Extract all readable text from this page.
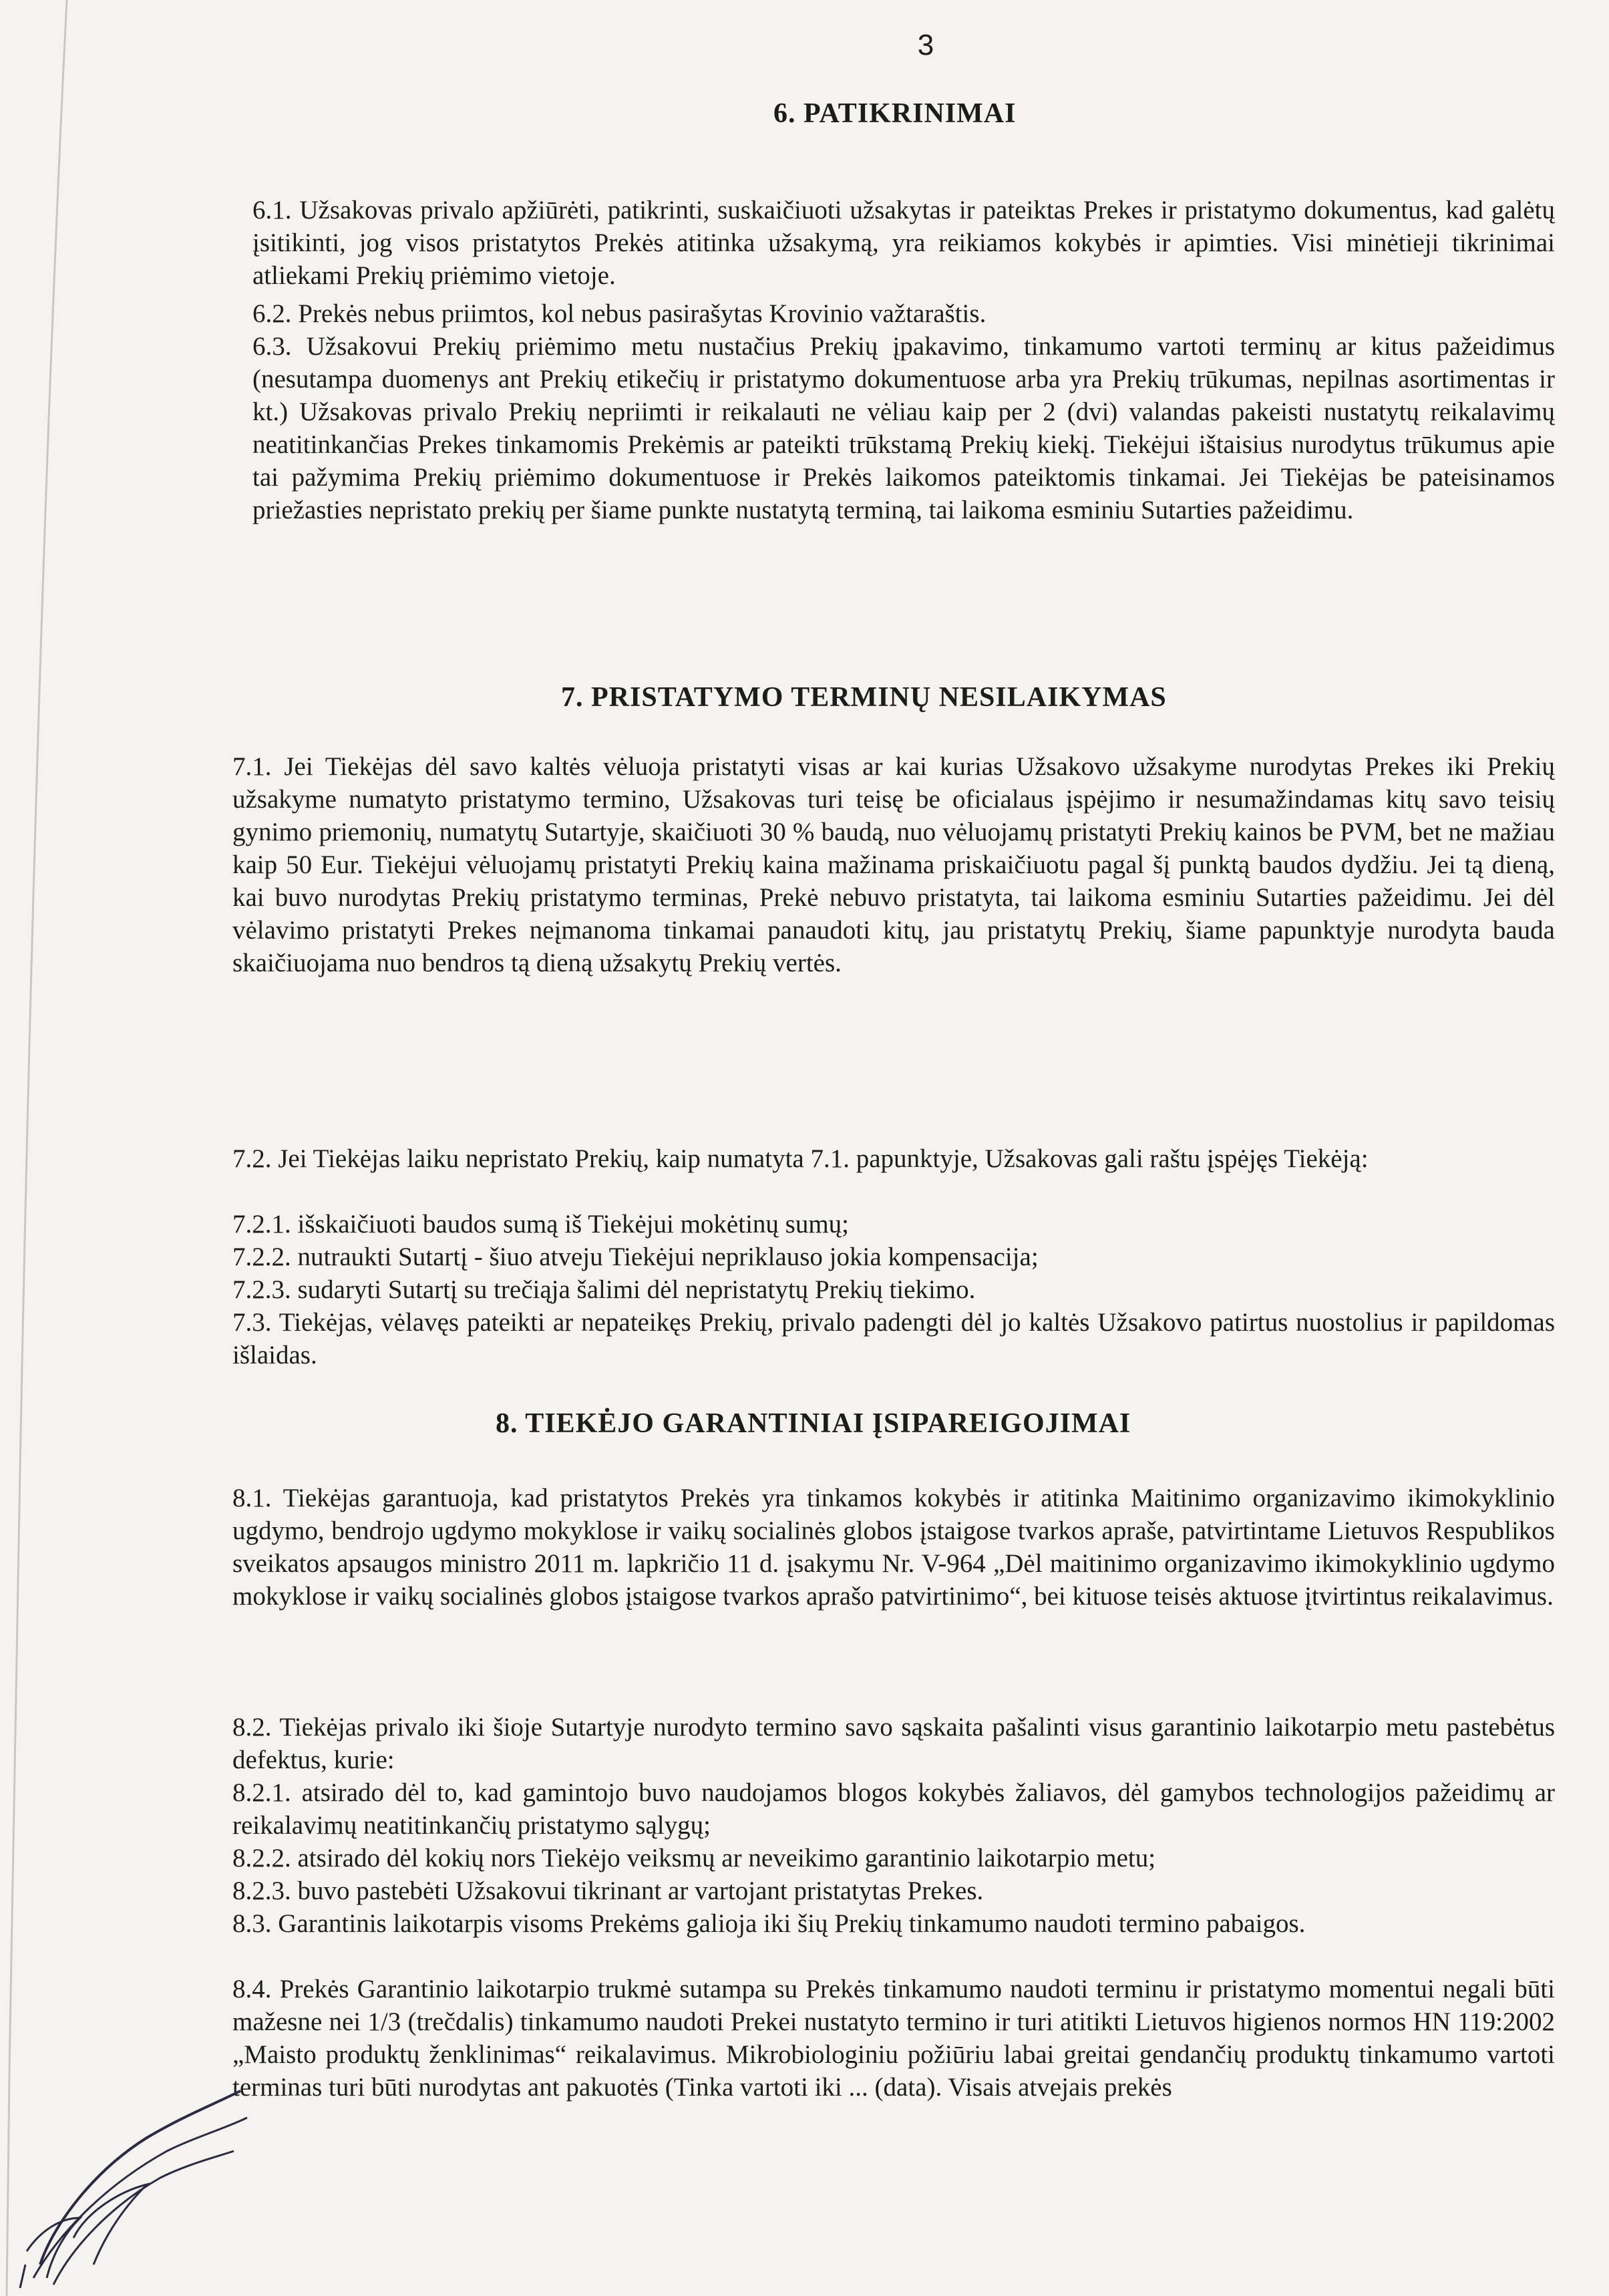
3
6. PATIKRINIMAI
6.1. Užsakovas privalo apžiūrėti, patikrinti, suskaičiuoti užsakytas ir pateiktas Prekes ir pristatymo dokumentus, kad galėtų įsitikinti, jog visos pristatytos Prekės atitinka užsakymą, yra reikiamos kokybės ir apimties. Visi minėtieji tikrinimai atliekami Prekių priėmimo vietoje.
6.2. Prekės nebus priimtos, kol nebus pasirašytas Krovinio važtaraštis.
6.3. Užsakovui Prekių priėmimo metu nustačius Prekių įpakavimo, tinkamumo vartoti terminų ar kitus pažeidimus (nesutampa duomenys ant Prekių etikečių ir pristatymo dokumentuose arba yra Prekių trūkumas, nepilnas asortimentas ir kt.) Užsakovas privalo Prekių nepriimti ir reikalauti ne vėliau kaip per 2 (dvi) valandas pakeisti nustatytų reikalavimų neatitinkančias Prekes tinkamomis Prekėmis ar pateikti trūkstamą Prekių kiekį. Tiekėjui ištaisius nurodytus trūkumus apie tai pažymima Prekių priėmimo dokumentuose ir Prekės laikomos pateiktomis tinkamai. Jei Tiekėjas be pateisinamos priežasties nepristato prekių per šiame punkte nustatytą terminą, tai laikoma esminiu Sutarties pažeidimu.
7. PRISTATYMO TERMINŲ NESILAIKYMAS
7.1. Jei Tiekėjas dėl savo kaltės vėluoja pristatyti visas ar kai kurias Užsakovo užsakyme nurodytas Prekes iki Prekių užsakyme numatyto pristatymo termino, Užsakovas turi teisę be oficialaus įspėjimo ir nesumažindamas kitų savo teisių gynimo priemonių, numatytų Sutartyje, skaičiuoti 30 % baudą, nuo vėluojamų pristatyti Prekių kainos be PVM, bet ne mažiau kaip 50 Eur. Tiekėjui vėluojamų pristatyti Prekių kaina mažinama priskaičiuotu pagal šį punktą baudos dydžiu. Jei tą dieną, kai buvo nurodytas Prekių pristatymo terminas, Prekė nebuvo pristatyta, tai laikoma esminiu Sutarties pažeidimu. Jei dėl vėlavimo pristatyti Prekes neįmanoma tinkamai panaudoti kitų, jau pristatytų Prekių, šiame papunktyje nurodyta bauda skaičiuojama nuo bendros tą dieną užsakytų Prekių vertės.
7.2. Jei Tiekėjas laiku nepristato Prekių, kaip numatyta 7.1. papunktyje, Užsakovas gali raštu įspėjęs Tiekėją:
7.2.1. išskaičiuoti baudos sumą iš Tiekėjui mokėtinų sumų;
7.2.2. nutraukti Sutartį - šiuo atveju Tiekėjui nepriklauso jokia kompensacija;
7.2.3. sudaryti Sutartį su trečiąja šalimi dėl nepristatytų Prekių tiekimo.
7.3. Tiekėjas, vėlavęs pateikti ar nepateikęs Prekių, privalo padengti dėl jo kaltės Užsakovo patirtus nuostolius ir papildomas išlaidas.
8. TIEKĖJO GARANTINIAI ĮSIPAREIGOJIMAI
8.1. Tiekėjas garantuoja, kad pristatytos Prekės yra tinkamos kokybės ir atitinka Maitinimo organizavimo ikimokyklinio ugdymo, bendrojo ugdymo mokyklose ir vaikų socialinės globos įstaigose tvarkos apraše, patvirtintame Lietuvos Respublikos sveikatos apsaugos ministro 2011 m. lapkričio 11 d. įsakymu Nr. V-964 „Dėl maitinimo organizavimo ikimokyklinio ugdymo mokyklose ir vaikų socialinės globos įstaigose tvarkos aprašo patvirtinimo“, bei kituose teisės aktuose įtvirtintus reikalavimus.
8.2. Tiekėjas privalo iki šioje Sutartyje nurodyto termino savo sąskaita pašalinti visus garantinio laikotarpio metu pastebėtus defektus, kurie:
8.2.1. atsirado dėl to, kad gamintojo buvo naudojamos blogos kokybės žaliavos, dėl gamybos technologijos pažeidimų ar reikalavimų neatitinkančių pristatymo sąlygų;
8.2.2. atsirado dėl kokių nors Tiekėjo veiksmų ar neveikimo garantinio laikotarpio metu;
8.2.3. buvo pastebėti Užsakovui tikrinant ar vartojant pristatytas Prekes.
8.3. Garantinis laikotarpis visoms Prekėms galioja iki šių Prekių tinkamumo naudoti termino pabaigos.
8.4. Prekės Garantinio laikotarpio trukmė sutampa su Prekės tinkamumo naudoti terminu ir pristatymo momentui negali būti mažesne nei 1/3 (trečdalis) tinkamumo naudoti Prekei nustatyto termino ir turi atitikti Lietuvos higienos normos HN 119:2002 „Maisto produktų ženklinimas“ reikalavimus. Mikrobiologiniu požiūriu labai greitai gendančių produktų tinkamumo vartoti terminas turi būti nurodytas ant pakuotės (Tinka vartoti iki ... (data). Visais atvejais prekės
